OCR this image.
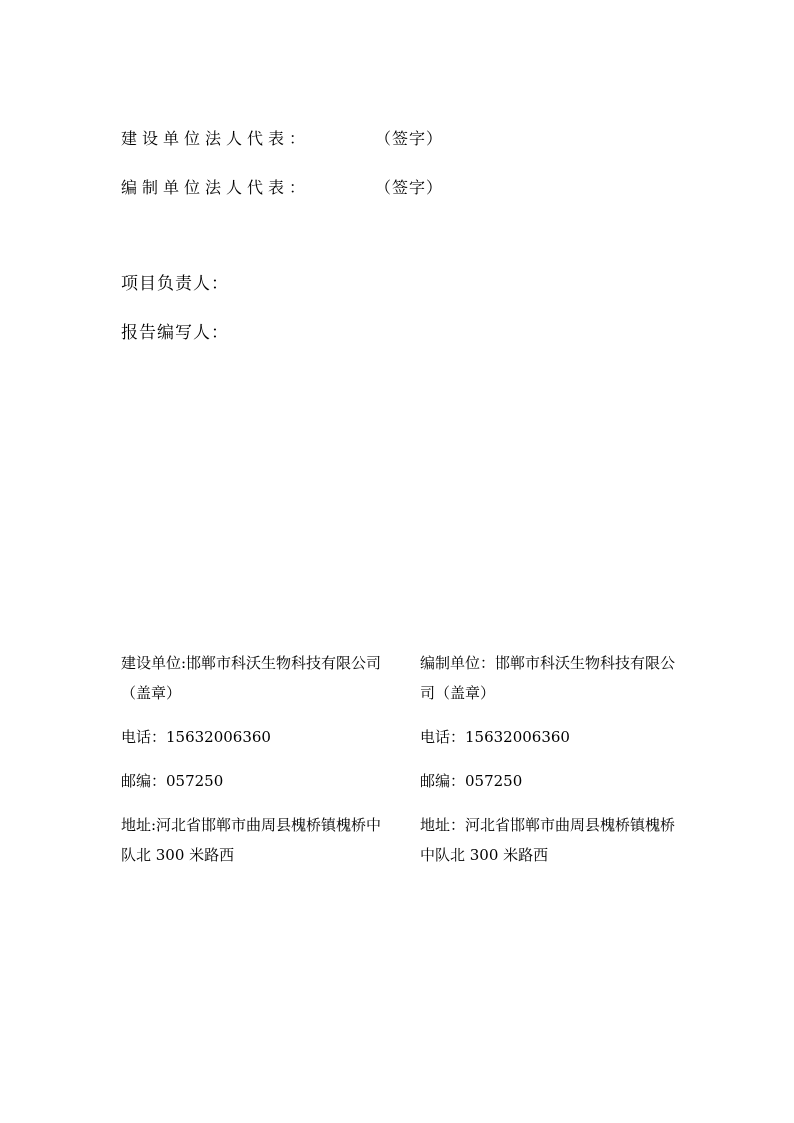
建设单位法人代表：	（签字）
编制单位法人代表：	（签字）
项目负责人：
报告编写人：
建设单位:邯郸市科沃生物科技有限公司（盖章）
电话：15632006360
邮编：057250
地址:河北省邯郸市曲周县槐桥镇槐桥中队北 300 米路西
编制单位：邯郸市科沃生物科技有限公司（盖章）
电话：15632006360
邮编：057250
地址：河北省邯郸市曲周县槐桥镇槐桥中队北 300 米路西
